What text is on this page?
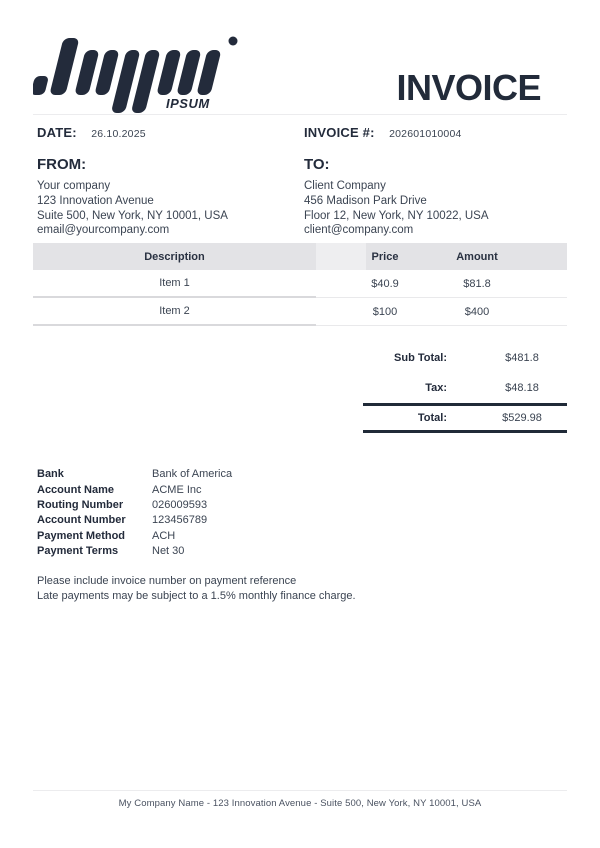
IPSUM	INVOICE
DATE: 26.10.2025	INVOICE #: 202601010004
FROM:
Your company
123 Innovation Avenue
Suite 500, New York, NY 10001, USA
email@yourcompany.com
TO:
Client Company
456 Madison Park Drive
Floor 12, New York, NY 10022, USA
client@company.com
Description	Price	Amount
Item 1	$40.9	$81.8
Item 2	$100	$400
Sub Total:	$481.8
Tax:	$48.18
Total:	$529.98
Bank	Bank of America
Account Name	ACME Inc
Routing Number	026009593
Account Number	123456789
Payment Method	ACH
Payment Terms	Net 30
Please include invoice number on payment reference
Late payments may be subject to a 1.5% monthly finance charge.
My Company Name - 123 Innovation Avenue - Suite 500, New York, NY 10001, USA
